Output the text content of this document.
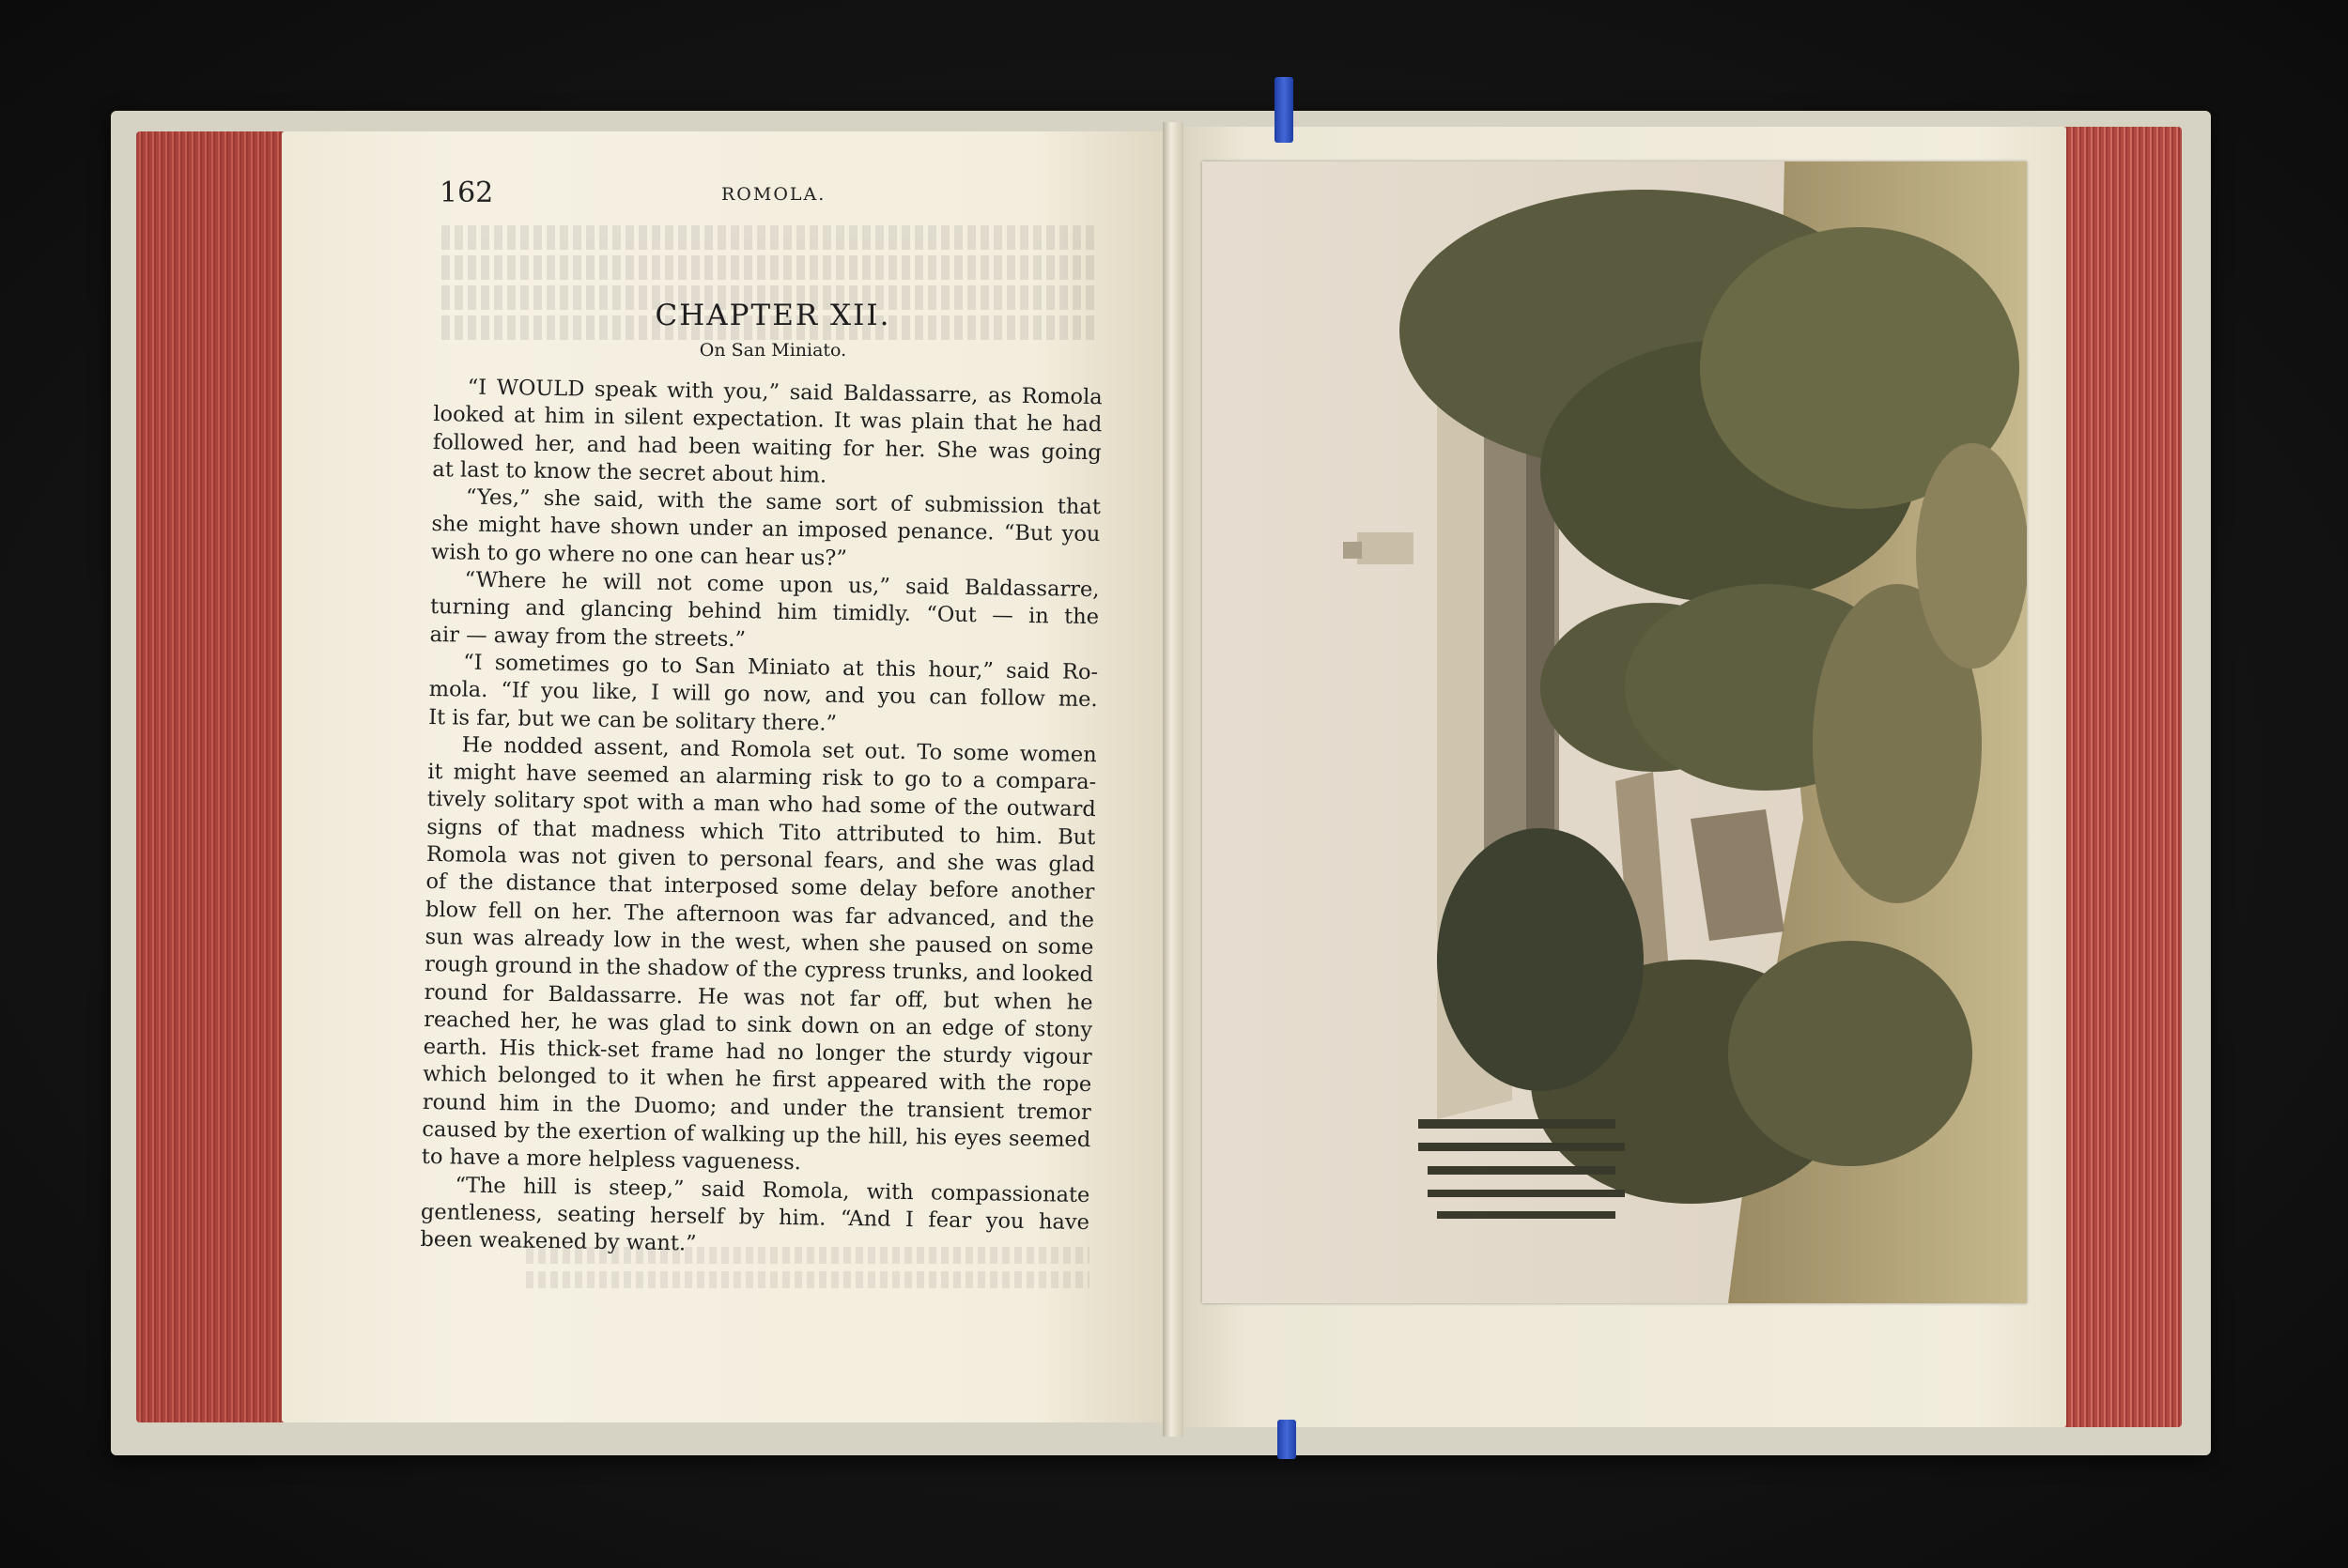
162	ROMOLA.
CHAPTER XII.
On San Miniato.
“I WOULD speak with you,” said Baldassarre, as Romola
looked at him in silent expectation. It was plain that he had
followed her, and had been waiting for her. She was going
at last to know the secret about him.
“Yes,” she said, with the same sort of submission that
she might have shown under an imposed penance. “But you
wish to go where no one can hear us?”
“Where he will not come upon us,” said Baldassarre,
turning and glancing behind him timidly. “Out — in the
air — away from the streets.”
“I sometimes go to San Miniato at this hour,” said Ro-
mola. “If you like, I will go now, and you can follow me.
It is far, but we can be solitary there.”
He nodded assent, and Romola set out. To some women
it might have seemed an alarming risk to go to a compara-
tively solitary spot with a man who had some of the outward
signs of that madness which Tito attributed to him. But
Romola was not given to personal fears, and she was glad
of the distance that interposed some delay before another
blow fell on her. The afternoon was far advanced, and the
sun was already low in the west, when she paused on some
rough ground in the shadow of the cypress trunks, and looked
round for Baldassarre. He was not far off, but when he
reached her, he was glad to sink down on an edge of stony
earth. His thick-set frame had no longer the sturdy vigour
which belonged to it when he first appeared with the rope
round him in the Duomo; and under the transient tremor
caused by the exertion of walking up the hill, his eyes seemed
to have a more helpless vagueness.
“The hill is steep,” said Romola, with compassionate
gentleness, seating herself by him. “And I fear you have
been weakened by want.”
